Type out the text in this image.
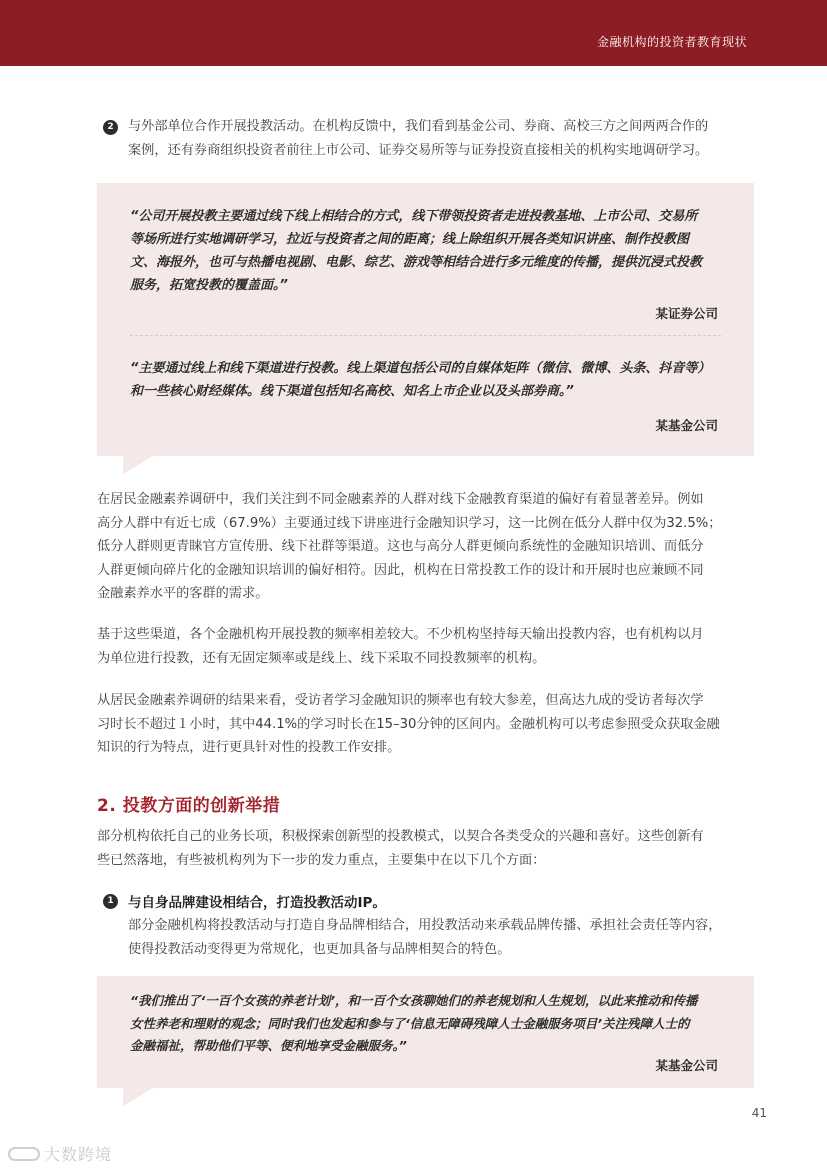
金融机构的投资者教育现状
2	与外部单位合作开展投教活动。在机构反馈中，我们看到基金公司、券商、高校三方之间两两合作的
案例，还有券商组织投资者前往上市公司、证券交易所等与证券投资直接相关的机构实地调研学习。
“公司开展投教主要通过线下线上相结合的方式，线下带领投资者走进投教基地、上市公司、交易所
等场所进行实地调研学习，拉近与投资者之间的距离；线上除组织开展各类知识讲座、制作投教图
文、海报外，也可与热播电视剧、电影、综艺、游戏等相结合进行多元维度的传播，提供沉浸式投教
服务，拓宽投教的覆盖面。”
某证券公司
“主要通过线上和线下渠道进行投教。线上渠道包括公司的自媒体矩阵（微信、微博、头条、抖音等）
和一些核心财经媒体。线下渠道包括知名高校、知名上市企业以及头部券商。”
某基金公司
在居民金融素养调研中，我们关注到不同金融素养的人群对线下金融教育渠道的偏好有着显著差异。例如
高分人群中有近七成（67.9%）主要通过线下讲座进行金融知识学习，这一比例在低分人群中仅为32.5%；
低分人群则更青睐官方宣传册、线下社群等渠道。这也与高分人群更倾向系统性的金融知识培训、而低分
人群更倾向碎片化的金融知识培训的偏好相符。因此，机构在日常投教工作的设计和开展时也应兼顾不同
金融素养水平的客群的需求。
基于这些渠道，各个金融机构开展投教的频率相差较大。不少机构坚持每天输出投教内容，也有机构以月
为单位进行投教，还有无固定频率或是线上、线下采取不同投教频率的机构。
从居民金融素养调研的结果来看，受访者学习金融知识的频率也有较大参差，但高达九成的受访者每次学
习时长不超过１小时，其中44.1%的学习时长在15–30分钟的区间内。金融机构可以考虑参照受众获取金融
知识的行为特点，进行更具针对性的投教工作安排。
2. 投教方面的创新举措
部分机构依托自己的业务长项，积极探索创新型的投教模式，以契合各类受众的兴趣和喜好。这些创新有
些已然落地，有些被机构列为下一步的发力重点，主要集中在以下几个方面：
1	与自身品牌建设相结合，打造投教活动IP。
部分金融机构将投教活动与打造自身品牌相结合，用投教活动来承载品牌传播、承担社会责任等内容，
使得投教活动变得更为常规化，也更加具备与品牌相契合的特色。
“我们推出了‘一百个女孩的养老计划’，和一百个女孩聊她们的养老规划和人生规划，以此来推动和传播
女性养老和理财的观念；同时我们也发起和参与了‘信息无障碍残障人士金融服务项目’关注残障人士的
金融福祉，帮助他们平等、便利地享受金融服务。”
某基金公司
41
大数跨境
